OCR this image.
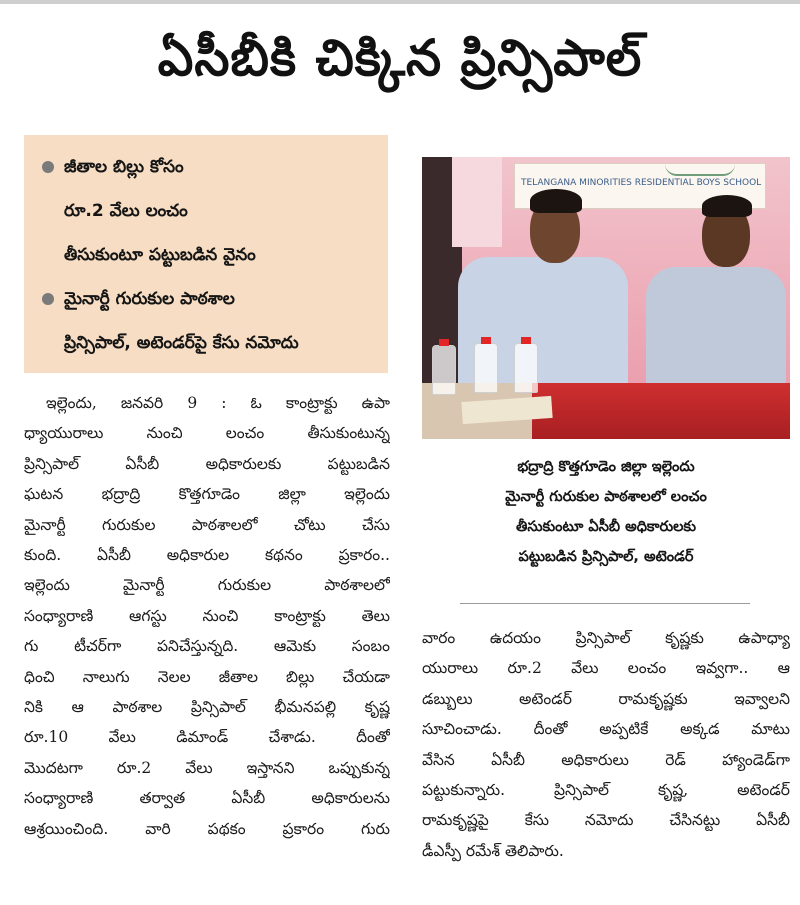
ఏసీబీకి చిక్కిన ప్రిన్సిపాల్
జీతాల బిల్లు కోసం
రూ.2 వేలు లంచం
తీసుకుంటూ పట్టుబడిన వైనం
మైనార్టీ గురుకుల పాఠశాల
ప్రిన్సిపాల్, అటెండర్‌పై కేసు నమోదు
TELANGANA MINORITIES RESIDENTIAL BOYS SCHOOL
భద్రాద్రి కొత్తగూడెం జిల్లా ఇల్లెందు
మైనార్టీ గురుకుల పాఠశాలలో లంచం
తీసుకుంటూ ఏసీబీ అధికారులకు
పట్టుబడిన ప్రిన్సిపాల్, అటెండర్
ఇల్లెందు, జనవరి 9 : ఓ కాంట్రాక్టు ఉపా
ధ్యాయురాలు నుంచి లంచం తీసుకుంటున్న
ప్రిన్సిపాల్ ఏసీబీ అధికారులకు పట్టుబడిన
ఘటన భద్రాద్రి కొత్తగూడెం జిల్లా ఇల్లెందు
మైనార్టీ గురుకుల పాఠశాలలో చోటు చేసు
కుంది. ఏసీబీ అధికారుల కథనం ప్రకారం..
ఇల్లెందు మైనార్టీ గురుకుల పాఠశాలలో
సంధ్యారాణి ఆగస్టు నుంచి కాంట్రాక్టు తెలు
గు టీచర్‌గా పనిచేస్తున్నది. ఆమెకు సంబం
ధించి నాలుగు నెలల జీతాల బిల్లు చేయడా
నికి ఆ పాఠశాల ప్రిన్సిపాల్ భీమనపల్లి కృష్ణ
రూ.10 వేలు డిమాండ్ చేశాడు. దీంతో
మొదటగా రూ.2 వేలు ఇస్తానని ఒప్పుకున్న
సంధ్యారాణి తర్వాత ఏసీబీ అధికారులను
ఆశ్రయించింది. వారి పథకం ప్రకారం గురు
వారం ఉదయం ప్రిన్సిపాల్ కృష్ణకు ఉపాధ్యా
యురాలు రూ.2 వేలు లంచం ఇవ్వగా.. ఆ
డబ్బులు అటెండర్ రామకృష్ణకు ఇవ్వాలని
సూచించాడు. దీంతో అప్పటికే అక్కడ మాటు
వేసిన ఏసీబీ అధికారులు రెడ్ హ్యాండెడ్‌గా
పట్టుకున్నారు. ప్రిన్సిపాల్ కృష్ణ, అటెండర్
రామకృష్ణపై కేసు నమోదు చేసినట్టు ఏసీబీ
డీఎస్పీ రమేశ్ తెలిపారు.
